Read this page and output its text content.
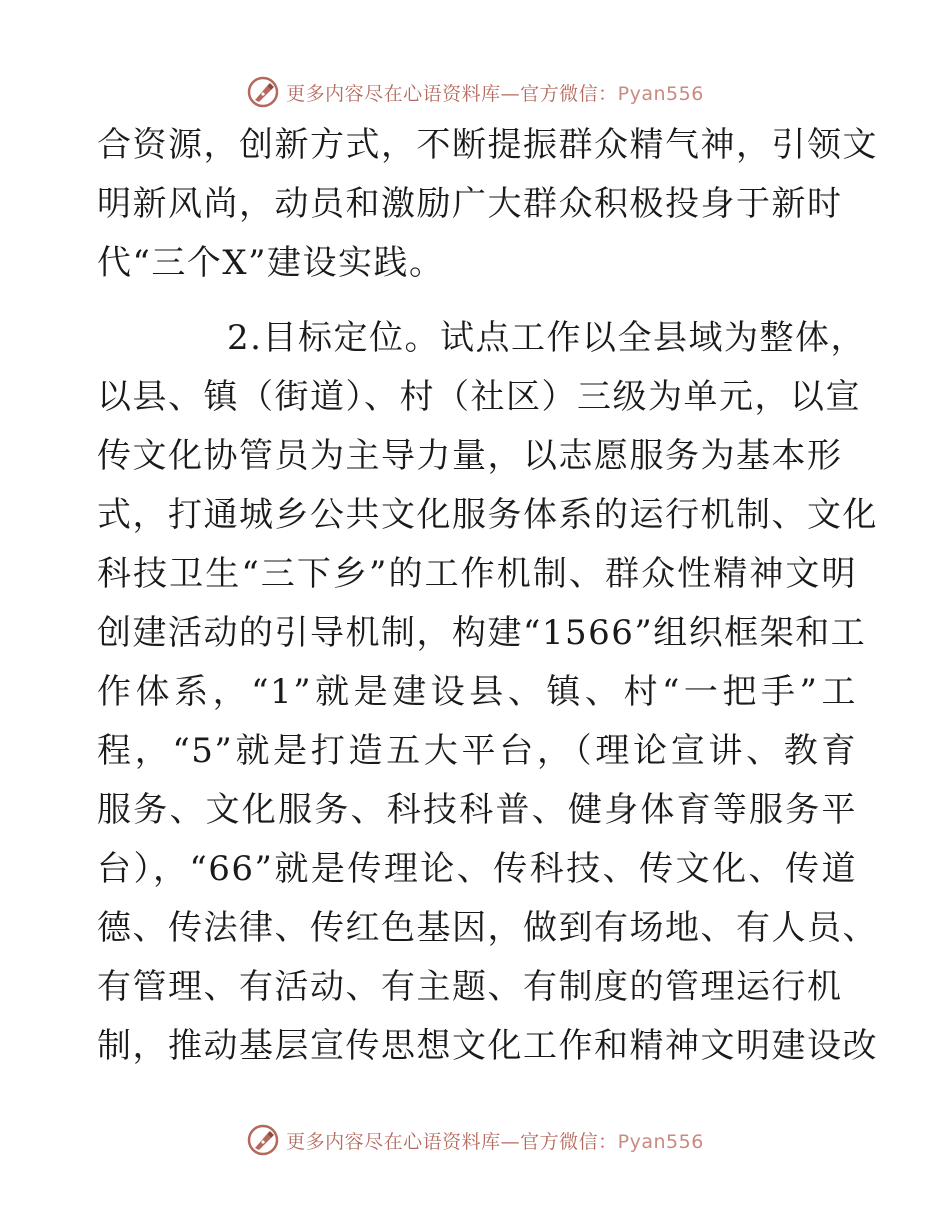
更多内容尽在心语资料库—官方微信：Pyan556
合资源，创新方式，不断提振群众精气神，引领文
明新风尚，动员和激励广大群众积极投身于新时
代“三个X”建设实践。
2.目标定位。试点工作以全县域为整体，
以县、镇（街道）、村（社区）三级为单元，以宣
传文化协管员为主导力量，以志愿服务为基本形
式，打通城乡公共文化服务体系的运行机制、文化
科技卫生“三下乡”的工作机制、群众性精神文明
创建活动的引导机制，构建“1566”组织框架和工
作体系，“1”就是建设县、镇、村“一把手”工
程，“5”就是打造五大平台，（理论宣讲、教育
服务、文化服务、科技科普、健身体育等服务平
台），“66”就是传理论、传科技、传文化、传道
德、传法律、传红色基因，做到有场地、有人员、
有管理、有活动、有主题、有制度的管理运行机
制，推动基层宣传思想文化工作和精神文明建设改
更多内容尽在心语资料库—官方微信：Pyan556
